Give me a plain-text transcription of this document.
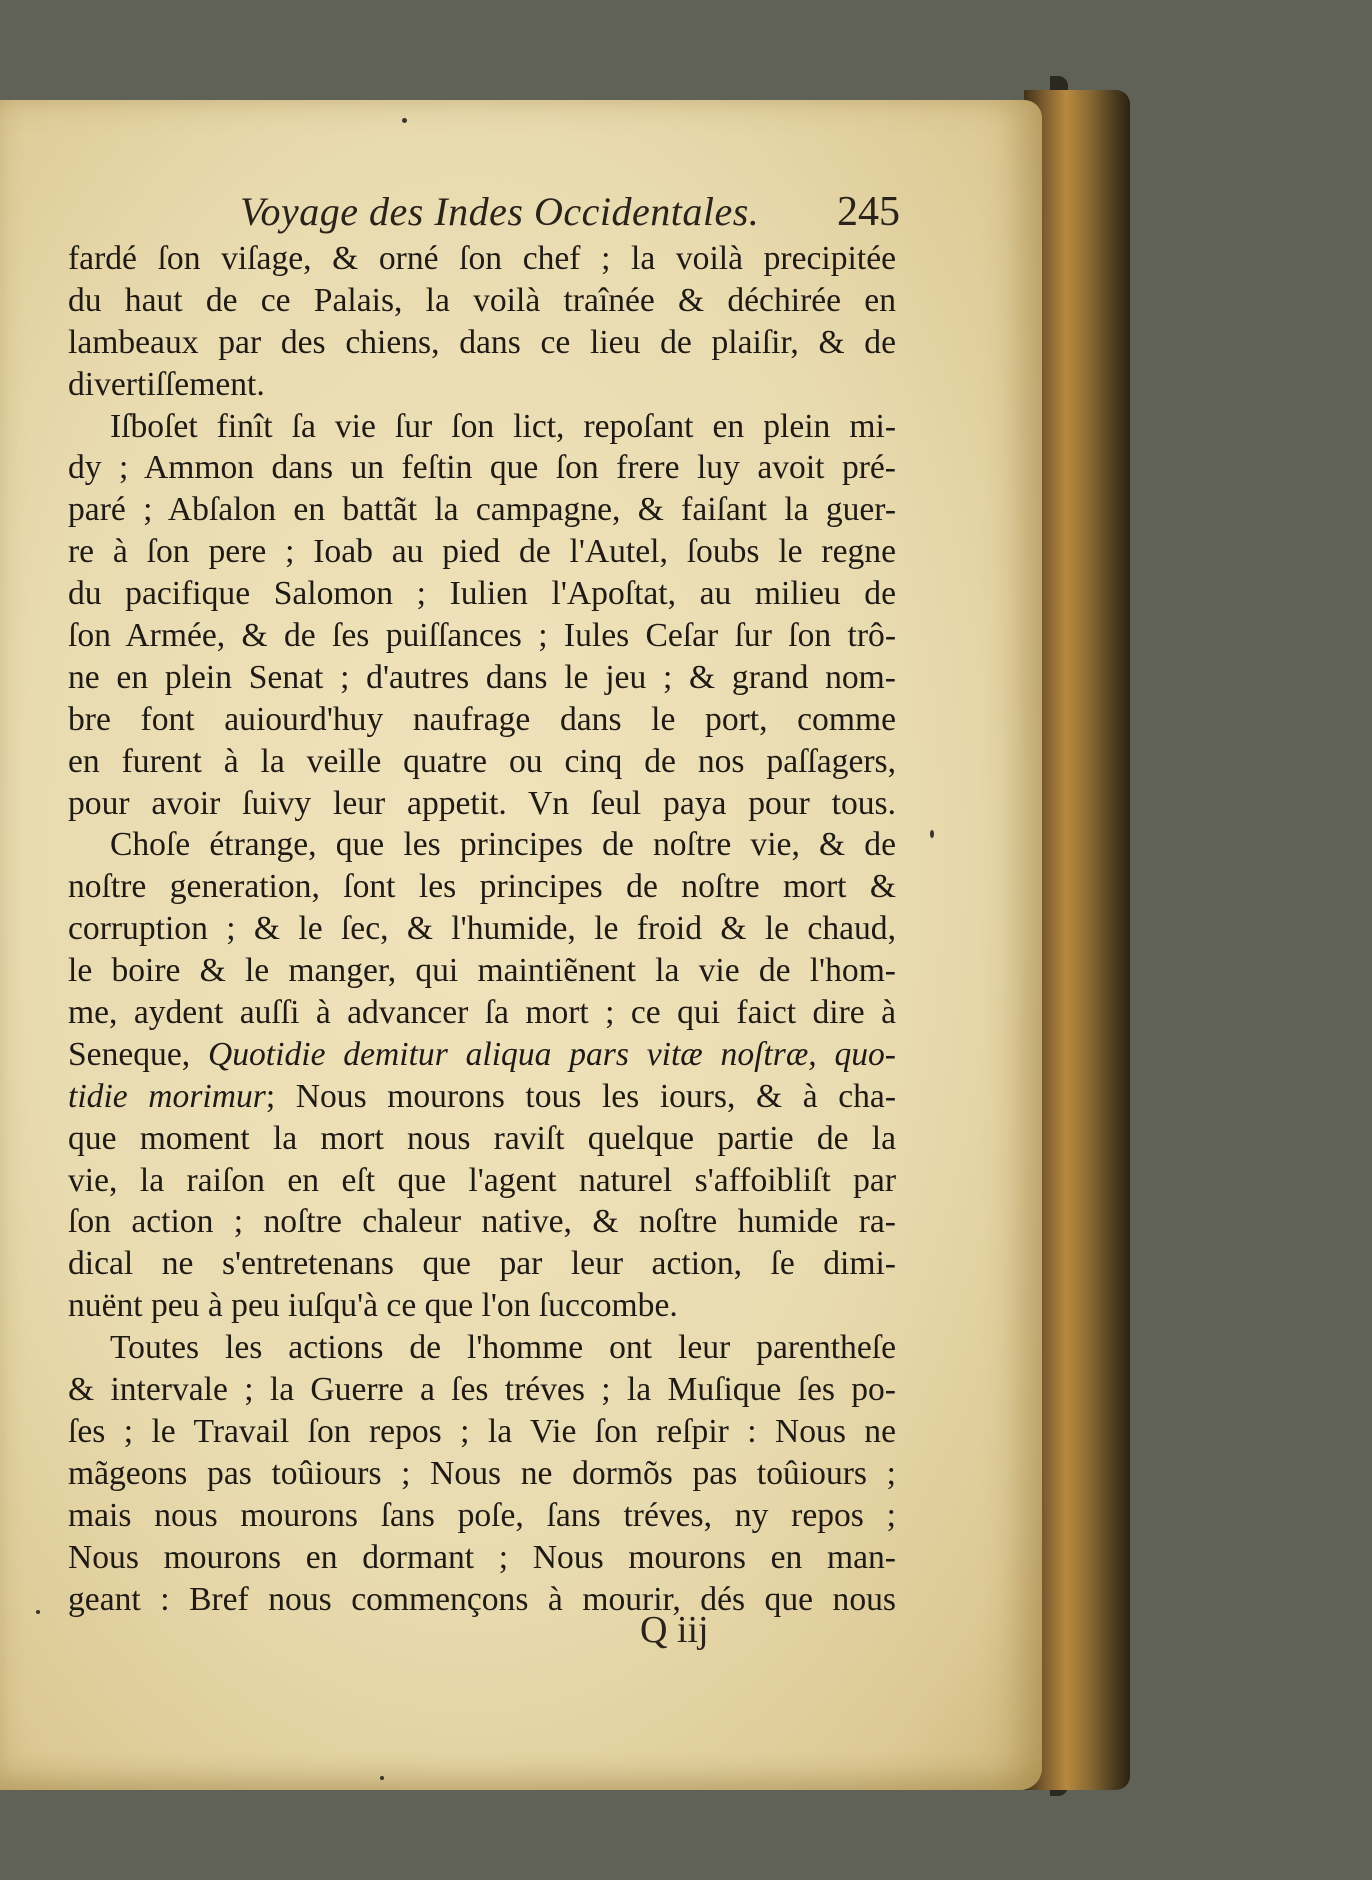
Voyage des Indes Occidentales. 245
fardé ſon viſage, & orné ſon chef ; la voilà precipitée
du haut de ce Palais, la voilà traînée & déchirée en
lambeaux par des chiens, dans ce lieu de plaiſir, & de
divertiſſement.
Iſboſet finît ſa vie ſur ſon lict, repoſant en plein mi-
dy ; Ammon dans un feſtin que ſon frere luy avoit pré-
paré ; Abſalon en battãt la campagne, & faiſant la guer-
re à ſon pere ; Ioab au pied de l'Autel, ſoubs le regne
du pacifique Salomon ; Iulien l'Apoſtat, au milieu de
ſon Armée, & de ſes puiſſances ; Iules Ceſar ſur ſon trô-
ne en plein Senat ; d'autres dans le jeu ; & grand nom-
bre font auiourd'huy naufrage dans le port, comme
en furent à la veille quatre ou cinq de nos paſſagers,
pour avoir ſuivy leur appetit. Vn ſeul paya pour tous.
Choſe étrange, que les principes de noſtre vie, & de
noſtre generation, ſont les principes de noſtre mort &
corruption ; & le ſec, & l'humide, le froid & le chaud,
le boire & le manger, qui maintiẽnent la vie de l'hom-
me, aydent auſſi à advancer ſa mort ; ce qui faict dire à
Seneque, Quotidie demitur aliqua pars vitæ noſtræ, quo-
tidie morimur; Nous mourons tous les iours, & à cha-
que moment la mort nous raviſt quelque partie de la
vie, la raiſon en eſt que l'agent naturel s'affoibliſt par
ſon action ; noſtre chaleur native, & noſtre humide ra-
dical ne s'entretenans que par leur action, ſe dimi-
nuënt peu à peu iuſqu'à ce que l'on ſuccombe.
Toutes les actions de l'homme ont leur parentheſe
& intervale ; la Guerre a ſes tréves ; la Muſique ſes po-
ſes ; le Travail ſon repos ; la Vie ſon reſpir : Nous ne
mãgeons pas toûiours ; Nous ne dormõs pas toûiours ;
mais nous mourons ſans poſe, ſans tréves, ny repos ;
Nous mourons en dormant ; Nous mourons en man-
geant : Bref nous commençons à mourir, dés que nous
Q iij
